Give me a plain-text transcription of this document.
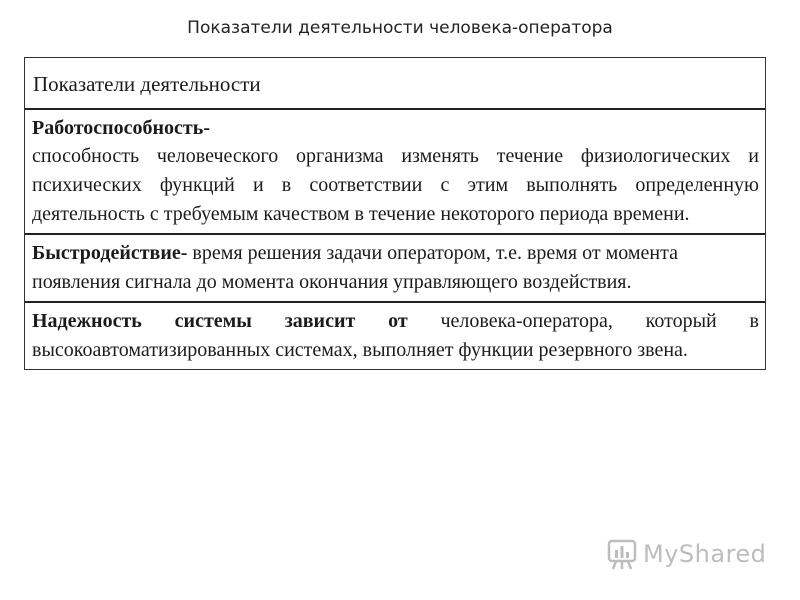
Показатели деятельности человека-оператора
Показатели деятельности
Работоспособность-
способность человеческого организма изменять течение физиологических и психических функций и в соответствии с этим выполнять определенную деятельность с требуемым качеством в течение некоторого периода времени.
Быстродействие- время решения задачи оператором, т.е. время от момента появления сигнала до момента окончания управляющего воздействия.
Надежность системы зависит от человека-оператора, который в высокоавтоматизированных системах, выполняет функции резервного звена.
MyShared
